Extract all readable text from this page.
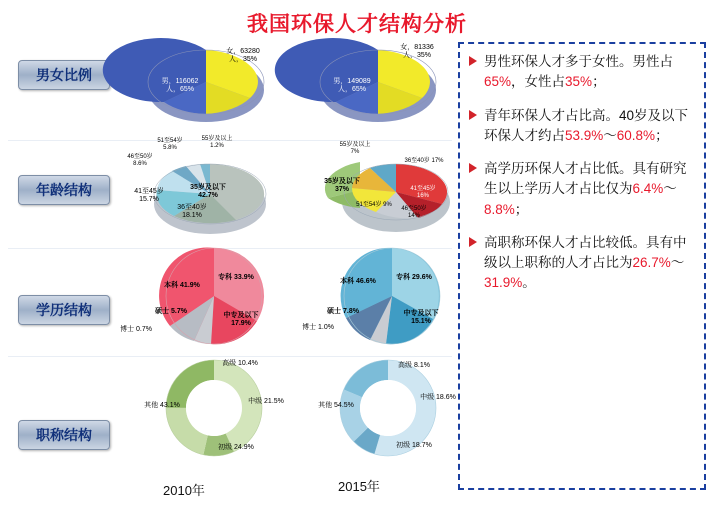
我国环保人才结构分析
男女比例
年龄结构
学历结构
职称结构
男，116062人，65%
女，63280人，35%
男，149089人，65%
女，81336人，35%
35岁及以下 42.7%
36至40岁 18.1%
41至45岁 15.7%
46至50岁 8.6%
51至54岁 5.8%
55岁及以上 1.2%
35岁及以下 37%	41至45岁 16%
46至50岁 14%
51至54岁 9%
55岁及以上 7%
36至40岁 17%
本科 41.9%
专科 33.9%
中专及以下 17.9%
硕士 5.7%
博士 0.7%
本科 46.6%
专科 29.6%
中专及以下 15.1%
硕士 7.8%
博士 1.0%
高级 10.4%
中级 21.5%
初级 24.9%
其他 43.1%
高级 8.1%
中级 18.6%
初级 18.7%
其他 54.5%
2010年	2015年
男性环保人才多于女性。男性占65%，女性占35%；
青年环保人才占比高。40岁及以下环保人才约占53.9%～60.8%；
高学历环保人才占比低。具有研究生以上学历人才占比仅为6.4%～8.8%；
高职称环保人才占比较低。具有中级以上职称的人才占比为26.7%～31.9%。
